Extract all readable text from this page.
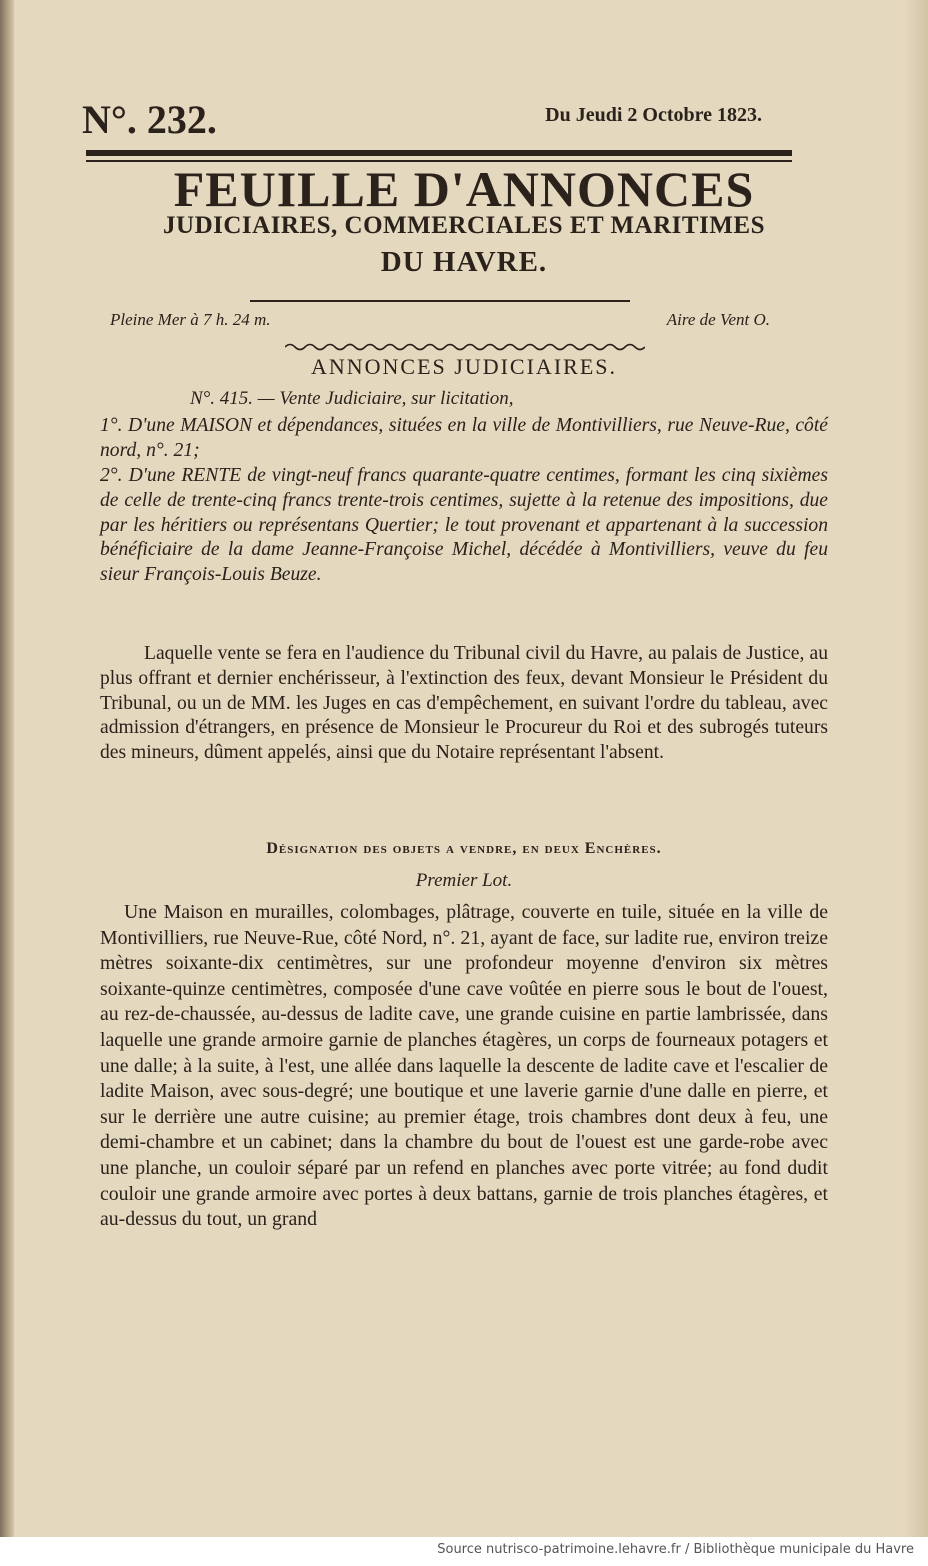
N°. 232.	Du Jeudi 2 Octobre 1823.
FEUILLE D'ANNONCES
JUDICIAIRES, COMMERCIALES ET MARITIMES
DU HAVRE.
Pleine Mer à 7 h. 24 m.	Aire de Vent O.
ANNONCES JUDICIAIRES.
N°. 415. — Vente Judiciaire, sur licitation,

1°. D'une MAISON et dépendances, situées en la ville de Montivilliers, rue Neuve-Rue, côté nord, n°. 21;

2°. D'une RENTE de vingt-neuf francs quarante-quatre centimes, formant les cinq sixièmes de celle de trente-cinq francs trente-trois centimes, sujette à la retenue des impositions, due par les héritiers ou représentans Quertier; le tout provenant et appartenant à la succession bénéficiaire de la dame Jeanne-Françoise Michel, décédée à Montivilliers, veuve du feu sieur François-Louis Beuze.

Laquelle vente se fera en l'audience du Tribunal civil du Havre, au palais de Justice, au plus offrant et dernier enchérisseur, à l'extinction des feux, devant Monsieur le Président du Tribunal, ou un de MM. les Juges en cas d'empêchement, en suivant l'ordre du tableau, avec admission d'étrangers, en présence de Monsieur le Procureur du Roi et des subrogés tuteurs des mineurs, dûment appelés, ainsi que du Notaire représentant l'absent.

Désignation des objets a vendre, en deux Enchères.
Premier Lot.

Une Maison en murailles, colombages, plâtrage, couverte en tuile, située en la ville de Montivilliers, rue Neuve-Rue, côté Nord, n°. 21, ayant de face, sur ladite rue, environ treize mètres soixante-dix centimètres, sur une profondeur moyenne d'environ six mètres soixante-quinze centimètres, composée d'une cave voûtée en pierre sous le bout de l'ouest, au rez-de-chaussée, au-dessus de ladite cave, une grande cuisine en partie lambrissée, dans laquelle une grande armoire garnie de planches étagères, un corps de fourneaux potagers et une dalle; à la suite, à l'est, une allée dans laquelle la descente de ladite cave et l'escalier de ladite Maison, avec sous-degré; une boutique et une laverie garnie d'une dalle en pierre, et sur le derrière une autre cuisine; au premier étage, trois chambres dont deux à feu, une demi-chambre et un cabinet; dans la chambre du bout de l'ouest est une garde-robe avec une planche, un couloir séparé par un refend en planches avec porte vitrée; au fond dudit couloir une grande armoire avec portes à deux battans, garnie de trois planches étagères, et au-dessus du tout, un grand

Source nutrisco-patrimoine.lehavre.fr / Bibliothèque municipale du Havre
